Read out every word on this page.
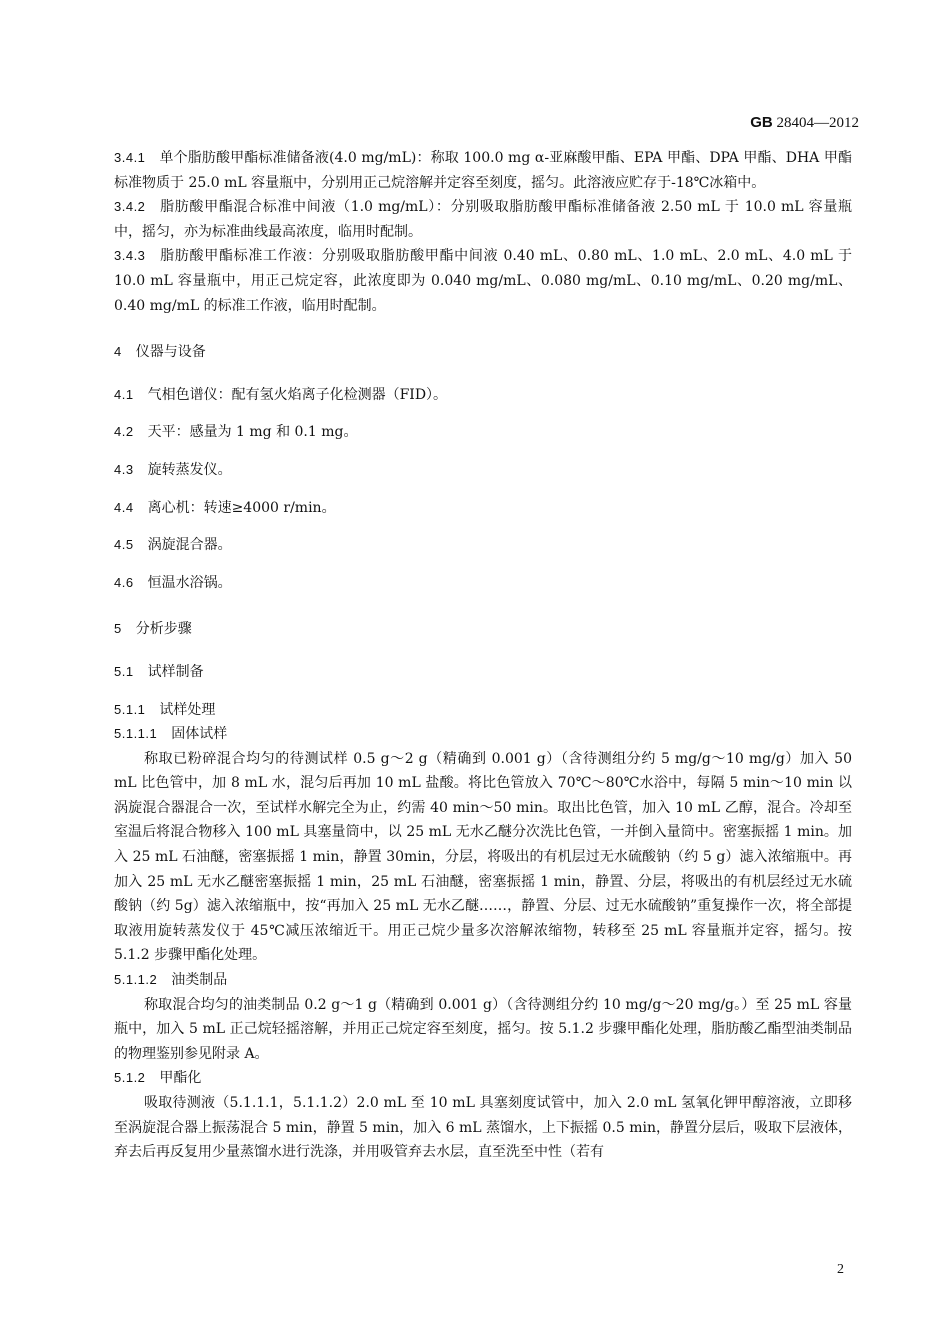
GB 28404—2012

3.4.1 单个脂肪酸甲酯标准储备液(4.0 mg/mL)：称取 100.0 mg α-亚麻酸甲酯、EPA 甲酯、DPA 甲酯、DHA 甲酯标准物质于 25.0 mL 容量瓶中，分别用正己烷溶解并定容至刻度，摇匀。此溶液应贮存于-18℃冰箱中。

3.4.2 脂肪酸甲酯混合标准中间液（1.0 mg/mL）：分别吸取脂肪酸甲酯标准储备液 2.50 mL 于 10.0 mL 容量瓶中，摇匀，亦为标准曲线最高浓度，临用时配制。

3.4.3 脂肪酸甲酯标准工作液：分别吸取脂肪酸甲酯中间液 0.40 mL、0.80 mL、1.0 mL、2.0 mL、4.0 mL 于 10.0 mL 容量瓶中，用正己烷定容，此浓度即为 0.040 mg/mL、0.080 mg/mL、0.10 mg/mL、0.20 mg/mL、0.40 mg/mL 的标准工作液，临用时配制。

4 仪器与设备

4.1 气相色谱仪：配有氢火焰离子化检测器（FID）。

4.2 天平：感量为 1 mg 和 0.1 mg。

4.3 旋转蒸发仪。

4.4 离心机：转速≥4000 r/min。

4.5 涡旋混合器。

4.6 恒温水浴锅。

5 分析步骤

5.1 试样制备

5.1.1 试样处理

5.1.1.1 固体试样

称取已粉碎混合均匀的待测试样 0.5 g～2 g（精确到 0.001 g）（含待测组分约 5 mg/g～10 mg/g）加入 50 mL 比色管中，加 8 mL 水，混匀后再加 10 mL 盐酸。将比色管放入 70℃～80℃水浴中，每隔 5 min～10 min 以涡旋混合器混合一次，至试样水解完全为止，约需 40 min～50 min。取出比色管，加入 10 mL 乙醇，混合。冷却至室温后将混合物移入 100 mL 具塞量筒中，以 25 mL 无水乙醚分次洗比色管，一并倒入量筒中。密塞振摇 1 min。加入 25 mL 石油醚，密塞振摇 1 min，静置 30min，分层，将吸出的有机层过无水硫酸钠（约 5 g）滤入浓缩瓶中。再加入 25 mL 无水乙醚密塞振摇 1 min，25 mL 石油醚，密塞振摇 1 min，静置、分层，将吸出的有机层经过无水硫酸钠（约 5g）滤入浓缩瓶中，按“再加入 25 mL 无水乙醚……，静置、分层、过无水硫酸钠”重复操作一次，将全部提取液用旋转蒸发仪于 45℃减压浓缩近干。用正己烷少量多次溶解浓缩物，转移至 25 mL 容量瓶并定容，摇匀。按 5.1.2 步骤甲酯化处理。

5.1.1.2 油类制品

称取混合均匀的油类制品 0.2 g～1 g（精确到 0.001 g）（含待测组分约 10 mg/g～20 mg/g。）至 25 mL 容量瓶中，加入 5 mL 正己烷轻摇溶解，并用正己烷定容至刻度，摇匀。按 5.1.2 步骤甲酯化处理，脂肪酸乙酯型油类制品的物理鉴别参见附录 A。

5.1.2 甲酯化

吸取待测液（5.1.1.1，5.1.1.2）2.0 mL 至 10 mL 具塞刻度试管中，加入 2.0 mL 氢氧化钾甲醇溶液，立即移至涡旋混合器上振荡混合 5 min，静置 5 min，加入 6 mL 蒸馏水，上下振摇 0.5 min，静置分层后，吸取下层液体，弃去后再反复用少量蒸馏水进行洗涤，并用吸管弃去水层，直至洗至中性（若有

2
